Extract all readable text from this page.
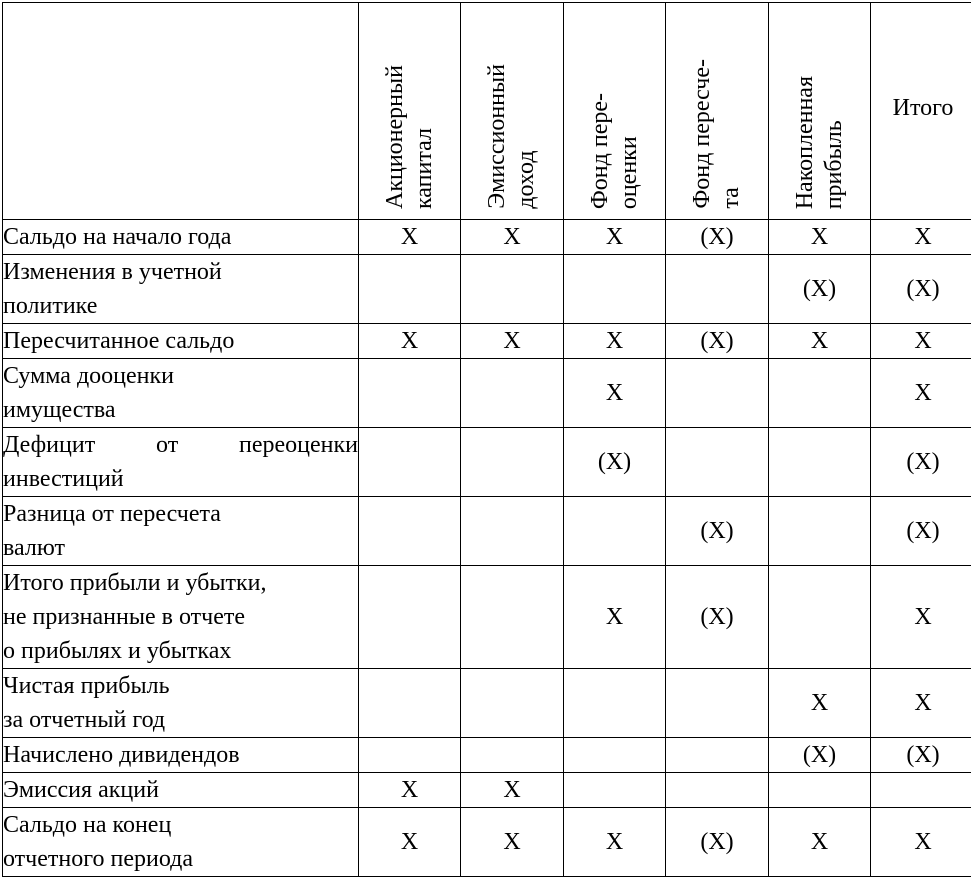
	Акционерный
капитал	Эмиссионный
доход	Фонд пере-
оценки	Фонд пересче-
та	Накопленная
прибыль	Итого

Сальдо на начало года	X	X	X	(X)	X	X

Изменения в учетной
политике					(X)	(X)

Пересчитанное сальдо	X	X	X	(X)	X	X

Сумма дооценки
имущества			X			X

Дефицит от переоценки
инвестиций			(X)			(X)

Разница от пересчета
валют				(X)		(X)

Итого прибыли и убытки,
не признанные в отчете
о прибылях и убытках			X	(X)		X

Чистая прибыль
за отчетный год					X	X

Начислено дивидендов					(X)	(X)

Эмиссия акций	X	X				

Сальдо на конец
отчетного периода	X	X	X	(X)	X	X
